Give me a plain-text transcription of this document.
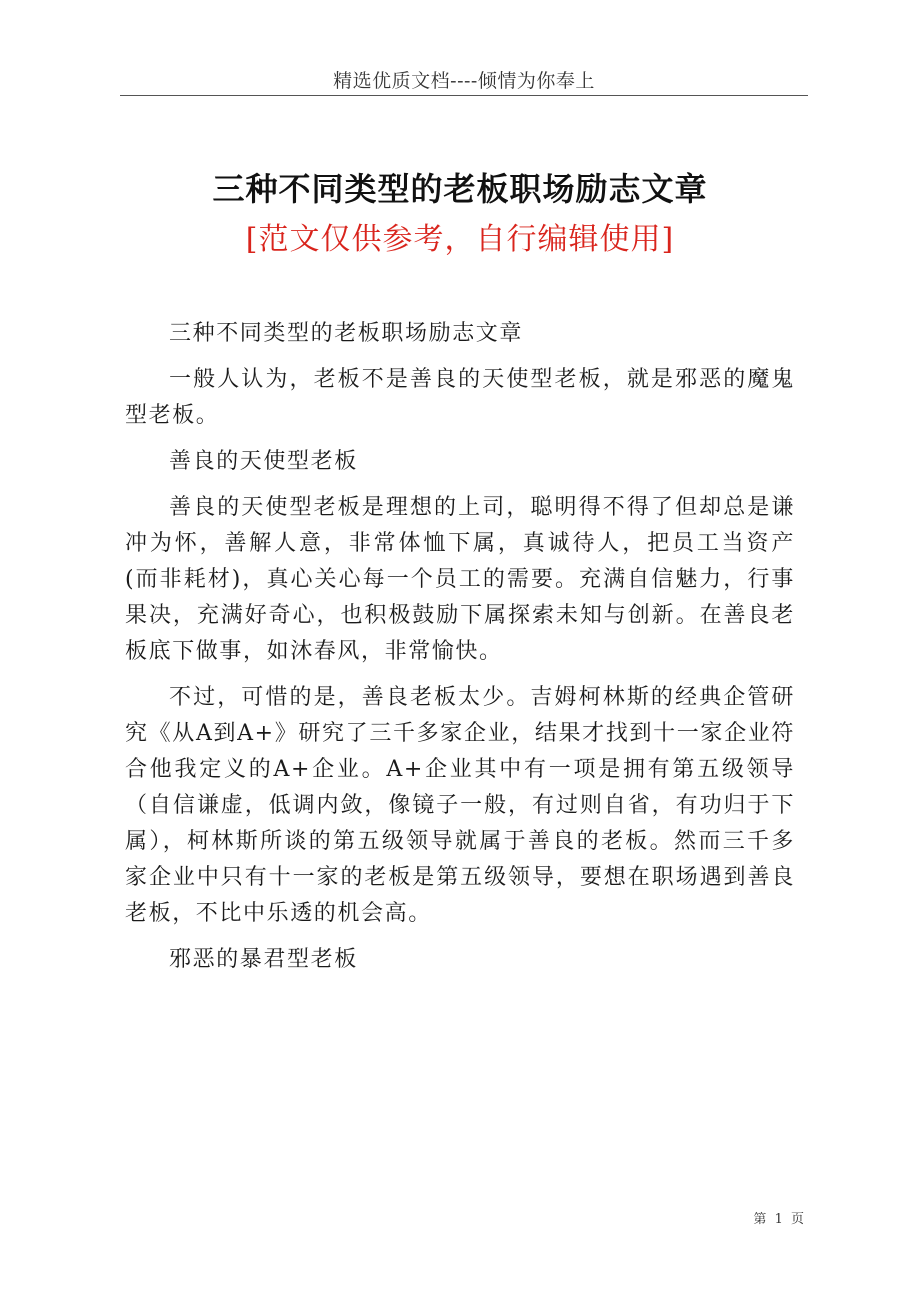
精选优质文档----倾情为你奉上
三种不同类型的老板职场励志文章
[范文仅供参考，自行编辑使用]

三种不同类型的老板职场励志文章

一般人认为，老板不是善良的天使型老板，就是邪恶的魔鬼型老板。

善良的天使型老板

善良的天使型老板是理想的上司，聪明得不得了但却总是谦冲为怀，善解人意，非常体恤下属，真诚待人，把员工当资产(而非耗材)，真心关心每一个员工的需要。充满自信魅力，行事果决，充满好奇心，也积极鼓励下属探索未知与创新。在善良老板底下做事，如沐春风，非常愉快。

不过，可惜的是，善良老板太少。吉姆柯林斯的经典企管研究《从A到A+》研究了三千多家企业，结果才找到十一家企业符合他我定义的A+企业。A+企业其中有一项是拥有第五级领导（自信谦虚，低调内敛，像镜子一般，有过则自省，有功归于下属），柯林斯所谈的第五级领导就属于善良的老板。然而三千多家企业中只有十一家的老板是第五级领导，要想在职场遇到善良老板，不比中乐透的机会高。

邪恶的暴君型老板

第 1 页
